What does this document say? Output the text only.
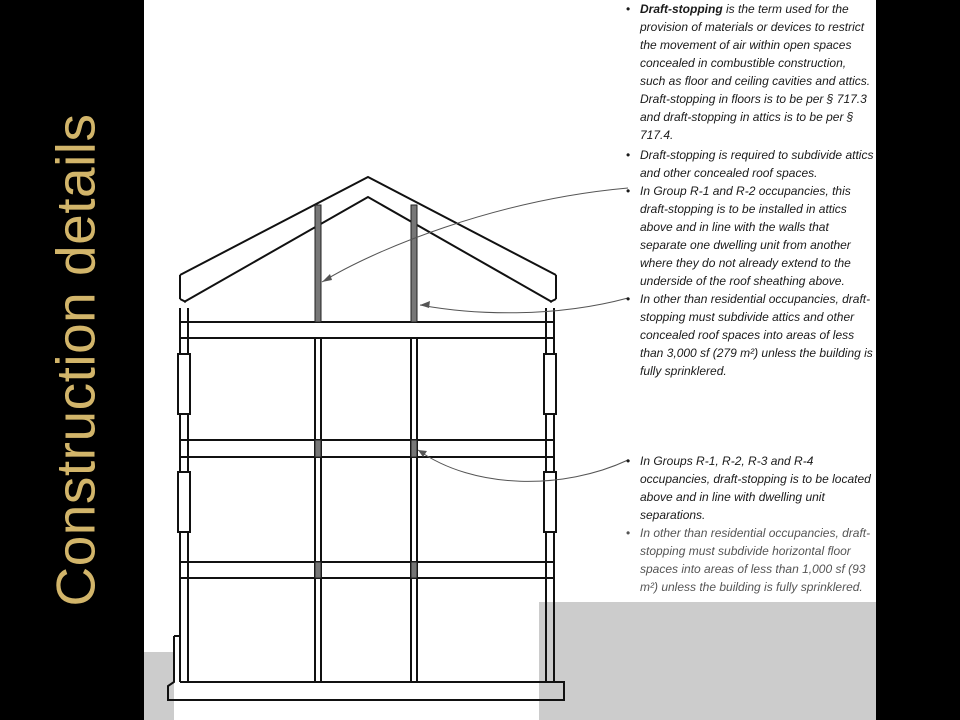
Construction details
• Draft-stopping is the term used for the provision of materials or devices to restrict the movement of air within open spaces concealed in combustible construction, such as floor and ceiling cavities and attics. Draft-stopping in floors is to be per § 717.3 and draft-stopping in attics is to be per § 717.4.
• Draft-stopping is required to subdivide attics and other concealed roof spaces.
• In Group R-1 and R-2 occupancies, this draft-stopping is to be installed in attics above and in line with the walls that separate one dwelling unit from another where they do not already extend to the underside of the roof sheathing above.
• In other than residential occupancies, draft-stopping must subdivide attics and other concealed roof spaces into areas of less than 3,000 sf (279 m²) unless the building is fully sprinklered.
• In Groups R-1, R-2, R-3 and R-4 occupancies, draft-stopping is to be located above and in line with dwelling unit separations.
• In other than residential occupancies, draft-stopping must subdivide horizontal floor spaces into areas of less than 1,000 sf (93 m²) unless the building is fully sprinklered.
